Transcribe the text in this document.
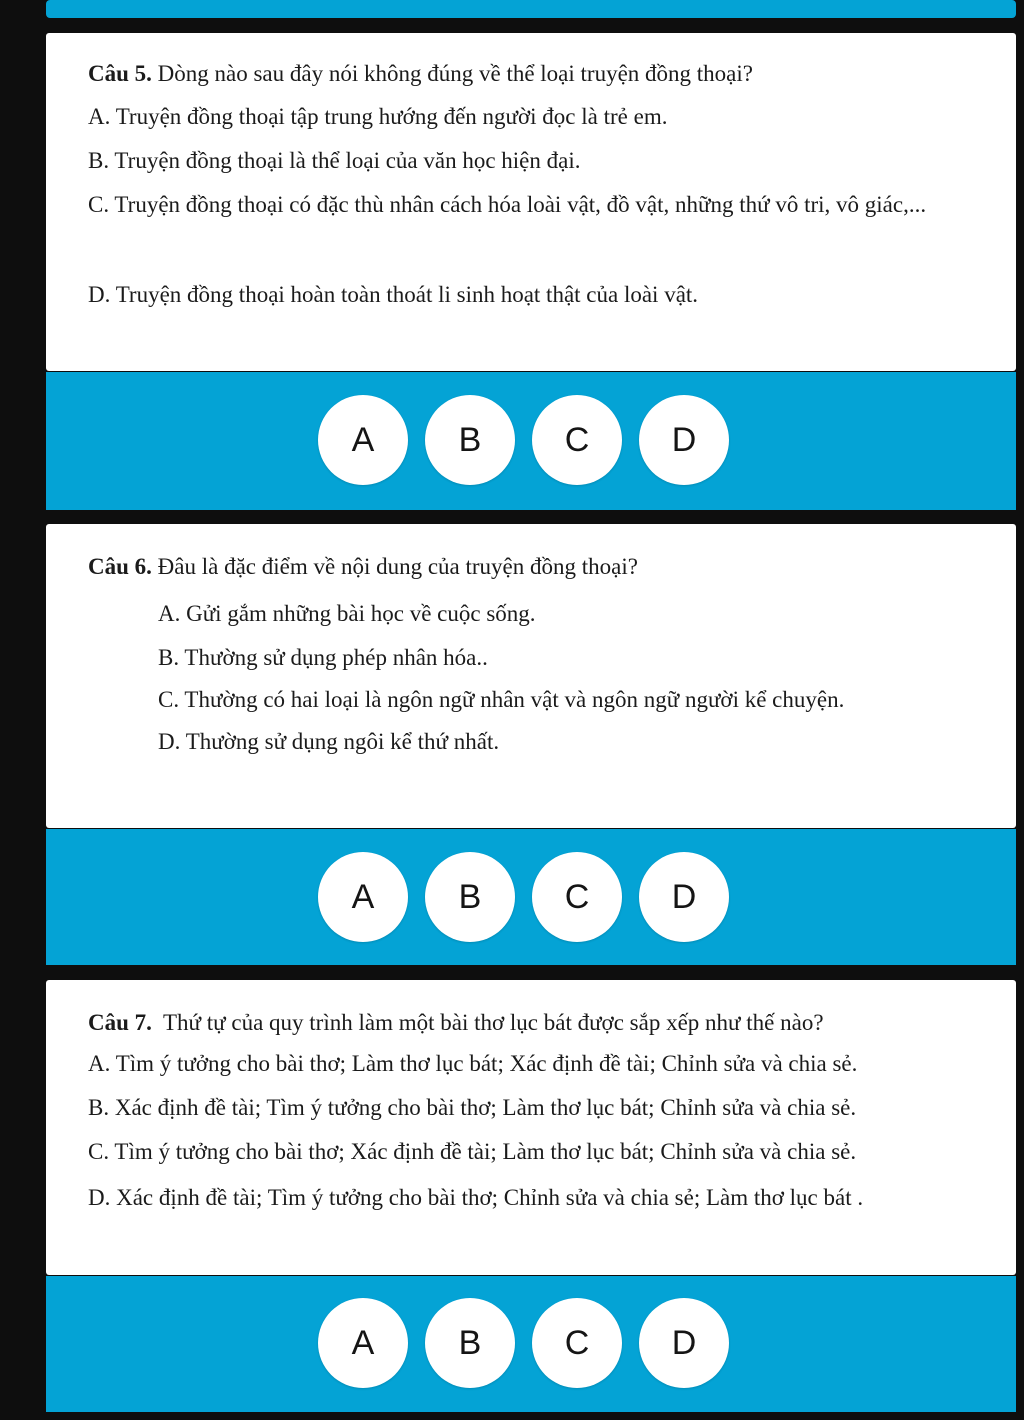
Câu 5. Dòng nào sau đây nói không đúng về thể loại truyện đồng thoại?

A. Truyện đồng thoại tập trung hướng đến người đọc là trẻ em.

B. Truyện đồng thoại là thể loại của văn học hiện đại.

C. Truyện đồng thoại có đặc thù nhân cách hóa loài vật, đồ vật, những thứ vô tri, vô giác,...

D. Truyện đồng thoại hoàn toàn thoát li sinh hoạt thật của loài vật.

A	B	C	D

Câu 6. Đâu là đặc điểm về nội dung của truyện đồng thoại?

A. Gửi gắm những bài học về cuộc sống.

B. Thường sử dụng phép nhân hóa..

C. Thường có hai loại là ngôn ngữ nhân vật và ngôn ngữ người kể chuyện.

D. Thường sử dụng ngôi kể thứ nhất.

A	B	C	D

Câu 7.  Thứ tự của quy trình làm một bài thơ lục bát được sắp xếp như thế nào?

A. Tìm ý tưởng cho bài thơ; Làm thơ lục bát; Xác định đề tài; Chỉnh sửa và chia sẻ.

B. Xác định đề tài; Tìm ý tưởng cho bài thơ; Làm thơ lục bát; Chỉnh sửa và chia sẻ.

C. Tìm ý tưởng cho bài thơ; Xác định đề tài; Làm thơ lục bát; Chỉnh sửa và chia sẻ.

D. Xác định đề tài; Tìm ý tưởng cho bài thơ; Chỉnh sửa và chia sẻ; Làm thơ lục bát .

A	B	C	D
